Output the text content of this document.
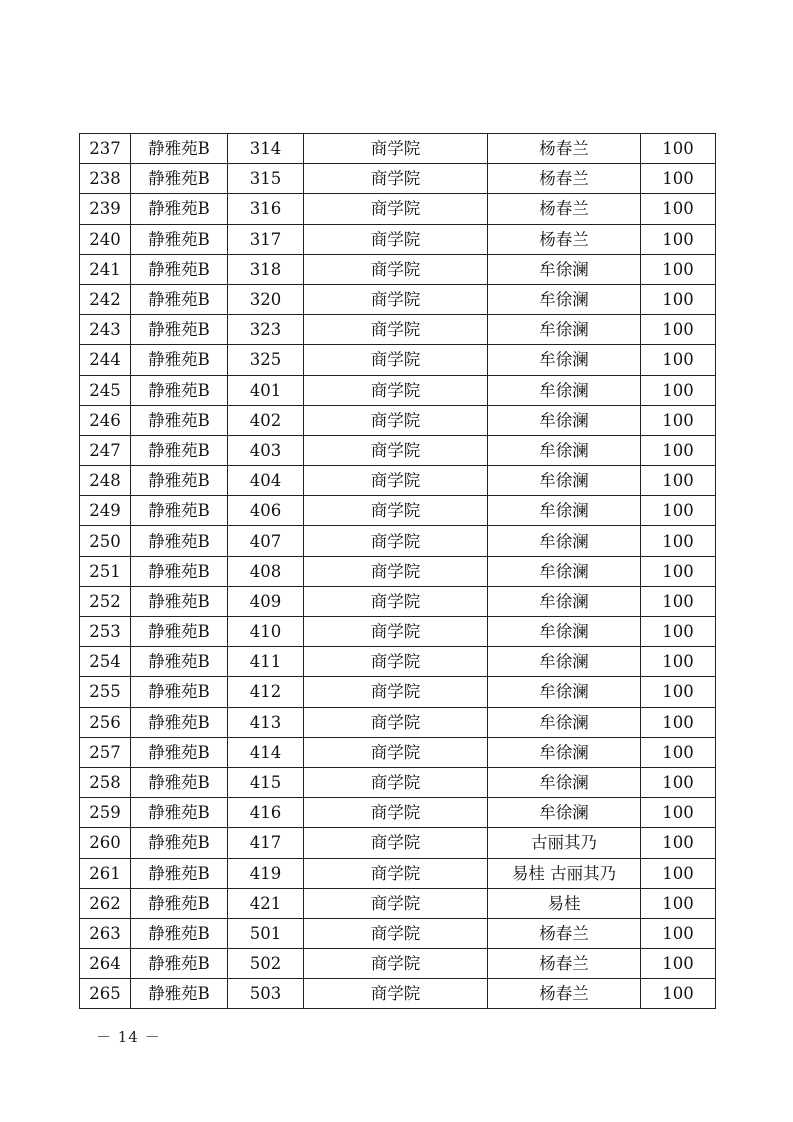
237	静雅苑B	314	商学院	杨春兰	100
238	静雅苑B	315	商学院	杨春兰	100
239	静雅苑B	316	商学院	杨春兰	100
240	静雅苑B	317	商学院	杨春兰	100
241	静雅苑B	318	商学院	牟徐澜	100
242	静雅苑B	320	商学院	牟徐澜	100
243	静雅苑B	323	商学院	牟徐澜	100
244	静雅苑B	325	商学院	牟徐澜	100
245	静雅苑B	401	商学院	牟徐澜	100
246	静雅苑B	402	商学院	牟徐澜	100
247	静雅苑B	403	商学院	牟徐澜	100
248	静雅苑B	404	商学院	牟徐澜	100
249	静雅苑B	406	商学院	牟徐澜	100
250	静雅苑B	407	商学院	牟徐澜	100
251	静雅苑B	408	商学院	牟徐澜	100
252	静雅苑B	409	商学院	牟徐澜	100
253	静雅苑B	410	商学院	牟徐澜	100
254	静雅苑B	411	商学院	牟徐澜	100
255	静雅苑B	412	商学院	牟徐澜	100
256	静雅苑B	413	商学院	牟徐澜	100
257	静雅苑B	414	商学院	牟徐澜	100
258	静雅苑B	415	商学院	牟徐澜	100
259	静雅苑B	416	商学院	牟徐澜	100
260	静雅苑B	417	商学院	古丽其乃	100
261	静雅苑B	419	商学院	易桂 古丽其乃	100
262	静雅苑B	421	商学院	易桂	100
263	静雅苑B	501	商学院	杨春兰	100
264	静雅苑B	502	商学院	杨春兰	100
265	静雅苑B	503	商学院	杨春兰	100
－ 14 －
